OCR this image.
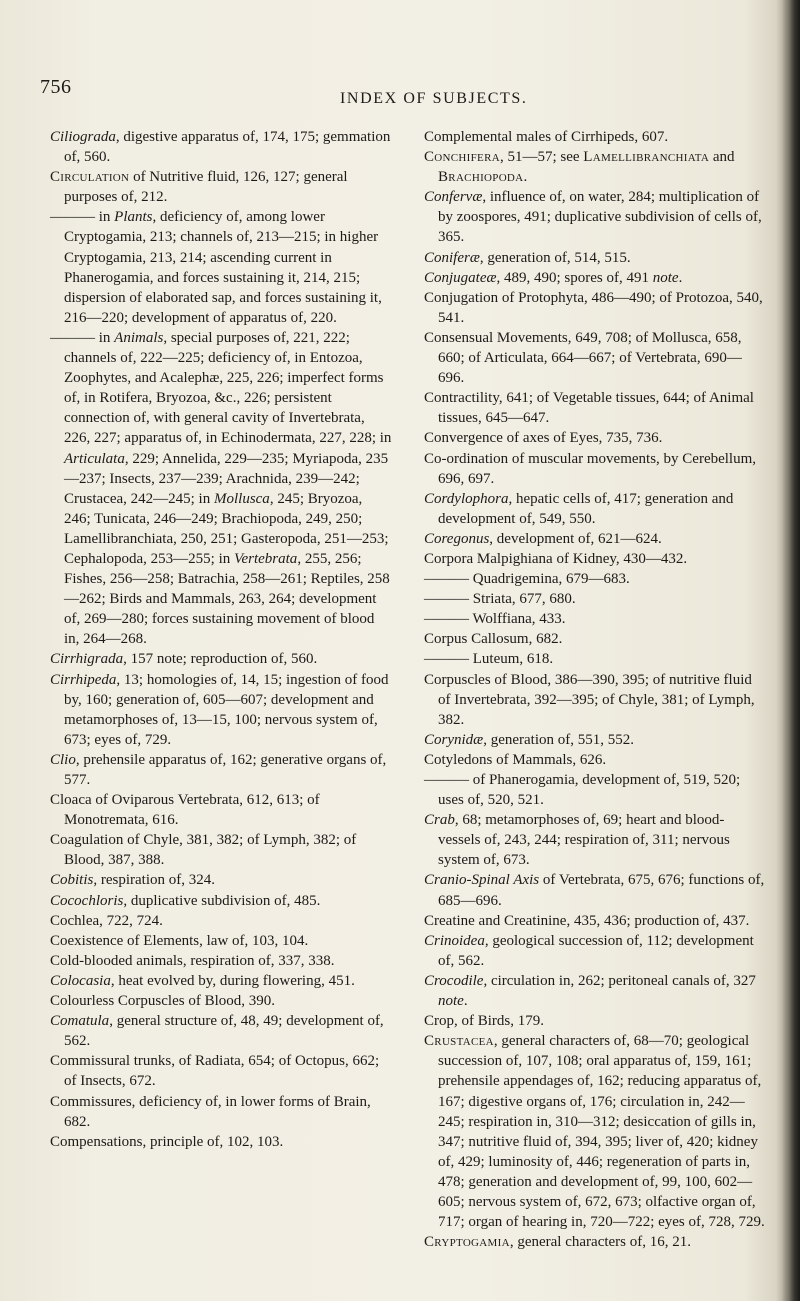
756
INDEX OF SUBJECTS.

Ciliograda, digestive apparatus of, 174, 175; gemmation of, 560.

Circulation of Nutritive fluid, 126, 127; general purposes of, 212.

——— in Plants, deficiency of, among lower Cryptogamia, 213; channels of, 213—215; in higher Cryptogamia, 213, 214; ascending current in Phanerogamia, and forces sustaining it, 214, 215; dispersion of elaborated sap, and forces sustaining it, 216—220; development of apparatus of, 220.

——— in Animals, special purposes of, 221, 222; channels of, 222—225; deficiency of, in Entozoa, Zoophytes, and Acalephæ, 225, 226; imperfect forms of, in Rotifera, Bryozoa, &c., 226; persistent connection of, with general cavity of Invertebrata, 226, 227; apparatus of, in Echinodermata, 227, 228; in Articulata, 229; Annelida, 229—235; Myriapoda, 235—237; Insects, 237—239; Arachnida, 239—242; Crustacea, 242—245; in Mollusca, 245; Bryozoa, 246; Tunicata, 246—249; Brachiopoda, 249, 250; Lamellibranchiata, 250, 251; Gasteropoda, 251—253; Cephalopoda, 253—255; in Vertebrata, 255, 256; Fishes, 256—258; Batrachia, 258—261; Reptiles, 258—262; Birds and Mammals, 263, 264; development of, 269—280; forces sustaining movement of blood in, 264—268.

Cirrhigrada, 157 note; reproduction of, 560.

Cirrhipeda, 13; homologies of, 14, 15; ingestion of food by, 160; generation of, 605—607; development and metamorphoses of, 13—15, 100; nervous system of, 673; eyes of, 729.

Clio, prehensile apparatus of, 162; generative organs of, 577.

Cloaca of Oviparous Vertebrata, 612, 613; of Monotremata, 616.

Coagulation of Chyle, 381, 382; of Lymph, 382; of Blood, 387, 388.

Cobitis, respiration of, 324.

Cocochloris, duplicative subdivision of, 485.

Cochlea, 722, 724.

Coexistence of Elements, law of, 103, 104.

Cold-blooded animals, respiration of, 337, 338.

Colocasia, heat evolved by, during flowering, 451.

Colourless Corpuscles of Blood, 390.

Comatula, general structure of, 48, 49; development of, 562.

Commissural trunks, of Radiata, 654; of Octopus, 662; of Insects, 672.

Commissures, deficiency of, in lower forms of Brain, 682.

Compensations, principle of, 102, 103.

Complemental males of Cirrhipeds, 607.

Conchifera, 51—57; see Lamellibranchiata and Brachiopoda.

Confervæ, influence of, on water, 284; multiplication of by zoospores, 491; duplicative subdivision of cells of, 365.

Coniferæ, generation of, 514, 515.

Conjugateæ, 489, 490; spores of, 491 note.

Conjugation of Protophyta, 486—490; of Protozoa, 540, 541.

Consensual Movements, 649, 708; of Mollusca, 658, 660; of Articulata, 664—667; of Vertebrata, 690—696.

Contractility, 641; of Vegetable tissues, 644; of Animal tissues, 645—647.

Convergence of axes of Eyes, 735, 736.

Co-ordination of muscular movements, by Cerebellum, 696, 697.

Cordylophora, hepatic cells of, 417; generation and development of, 549, 550.

Coregonus, development of, 621—624.

Corpora Malpighiana of Kidney, 430—432.

——— Quadrigemina, 679—683.

——— Striata, 677, 680.

——— Wolffiana, 433.

Corpus Callosum, 682.

——— Luteum, 618.

Corpuscles of Blood, 386—390, 395; of nutritive fluid of Invertebrata, 392—395; of Chyle, 381; of Lymph, 382.

Corynidæ, generation of, 551, 552.

Cotyledons of Mammals, 626.

——— of Phanerogamia, development of, 519, 520; uses of, 520, 521.

Crab, 68; metamorphoses of, 69; heart and blood-vessels of, 243, 244; respiration of, 311; nervous system of, 673.

Cranio-Spinal Axis of Vertebrata, 675, 676; functions of, 685—696.

Creatine and Creatinine, 435, 436; production of, 437.

Crinoidea, geological succession of, 112; development of, 562.

Crocodile, circulation in, 262; peritoneal canals of, 327 note.

Crop, of Birds, 179.

Crustacea, general characters of, 68—70; geological succession of, 107, 108; oral apparatus of, 159, 161; prehensile appendages of, 162; reducing apparatus of, 167; digestive organs of, 176; circulation in, 242—245; respiration in, 310—312; desiccation of gills in, 347; nutritive fluid of, 394, 395; liver of, 420; kidney of, 429; luminosity of, 446; regeneration of parts in, 478; generation and development of, 99, 100, 602—605; nervous system of, 672, 673; olfactive organ of, 717; organ of hearing in, 720—722; eyes of, 728, 729.

Cryptogamia, general characters of, 16, 21.
